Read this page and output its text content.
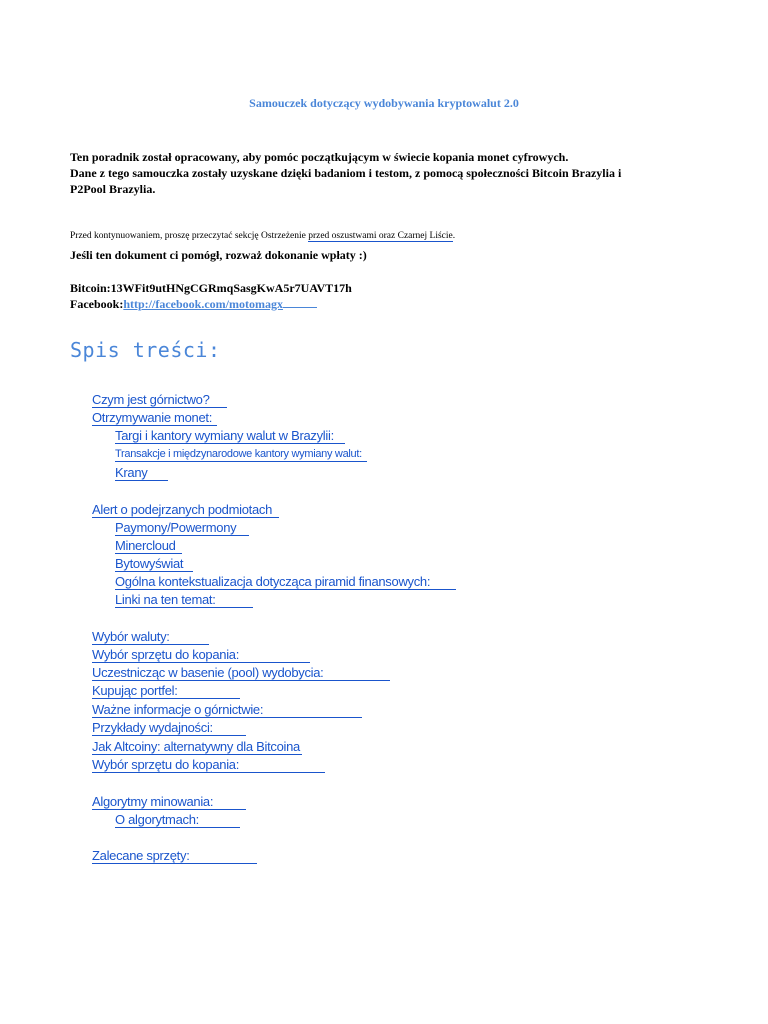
Samouczek dotyczący wydobywania kryptowalut 2.0
Ten poradnik został opracowany, aby pomóc początkującym w świecie kopania monet cyfrowych.
Dane z tego samouczka zostały uzyskane dzięki badaniom i testom, z pomocą społeczności Bitcoin Brazylia i
P2Pool Brazylia.
Przed kontynuowaniem, proszę przeczytać sekcję Ostrzeżenie przed oszustwami oraz Czarnej Liście.
Jeśli ten dokument ci pomógł, rozważ dokonanie wpłaty :)
Bitcoin:13WFit9utHNgCGRmqSasgKwA5r7UAVT17h
Facebook:http://facebook.com/motomagx
Spis treści:
Czym jest górnictwo?
Otrzymywanie monet:
Targi i kantory wymiany walut w Brazylii:
Transakcje i międzynarodowe kantory wymiany walut:
Krany
Alert o podejrzanych podmiotach
Paymony/Powermony
Minercloud
Bytowyświat
Ogólna kontekstualizacja dotycząca piramid finansowych:
Linki na ten temat:
Wybór waluty:
Wybór sprzętu do kopania:
Uczestnicząc w basenie (pool) wydobycia:
Kupując portfel:
Ważne informacje o górnictwie:
Przykłady wydajności:
Jak Altcoiny: alternatywny dla Bitcoina
Wybór sprzętu do kopania:
Algorytmy minowania:
O algorytmach:
Zalecane sprzęty:
